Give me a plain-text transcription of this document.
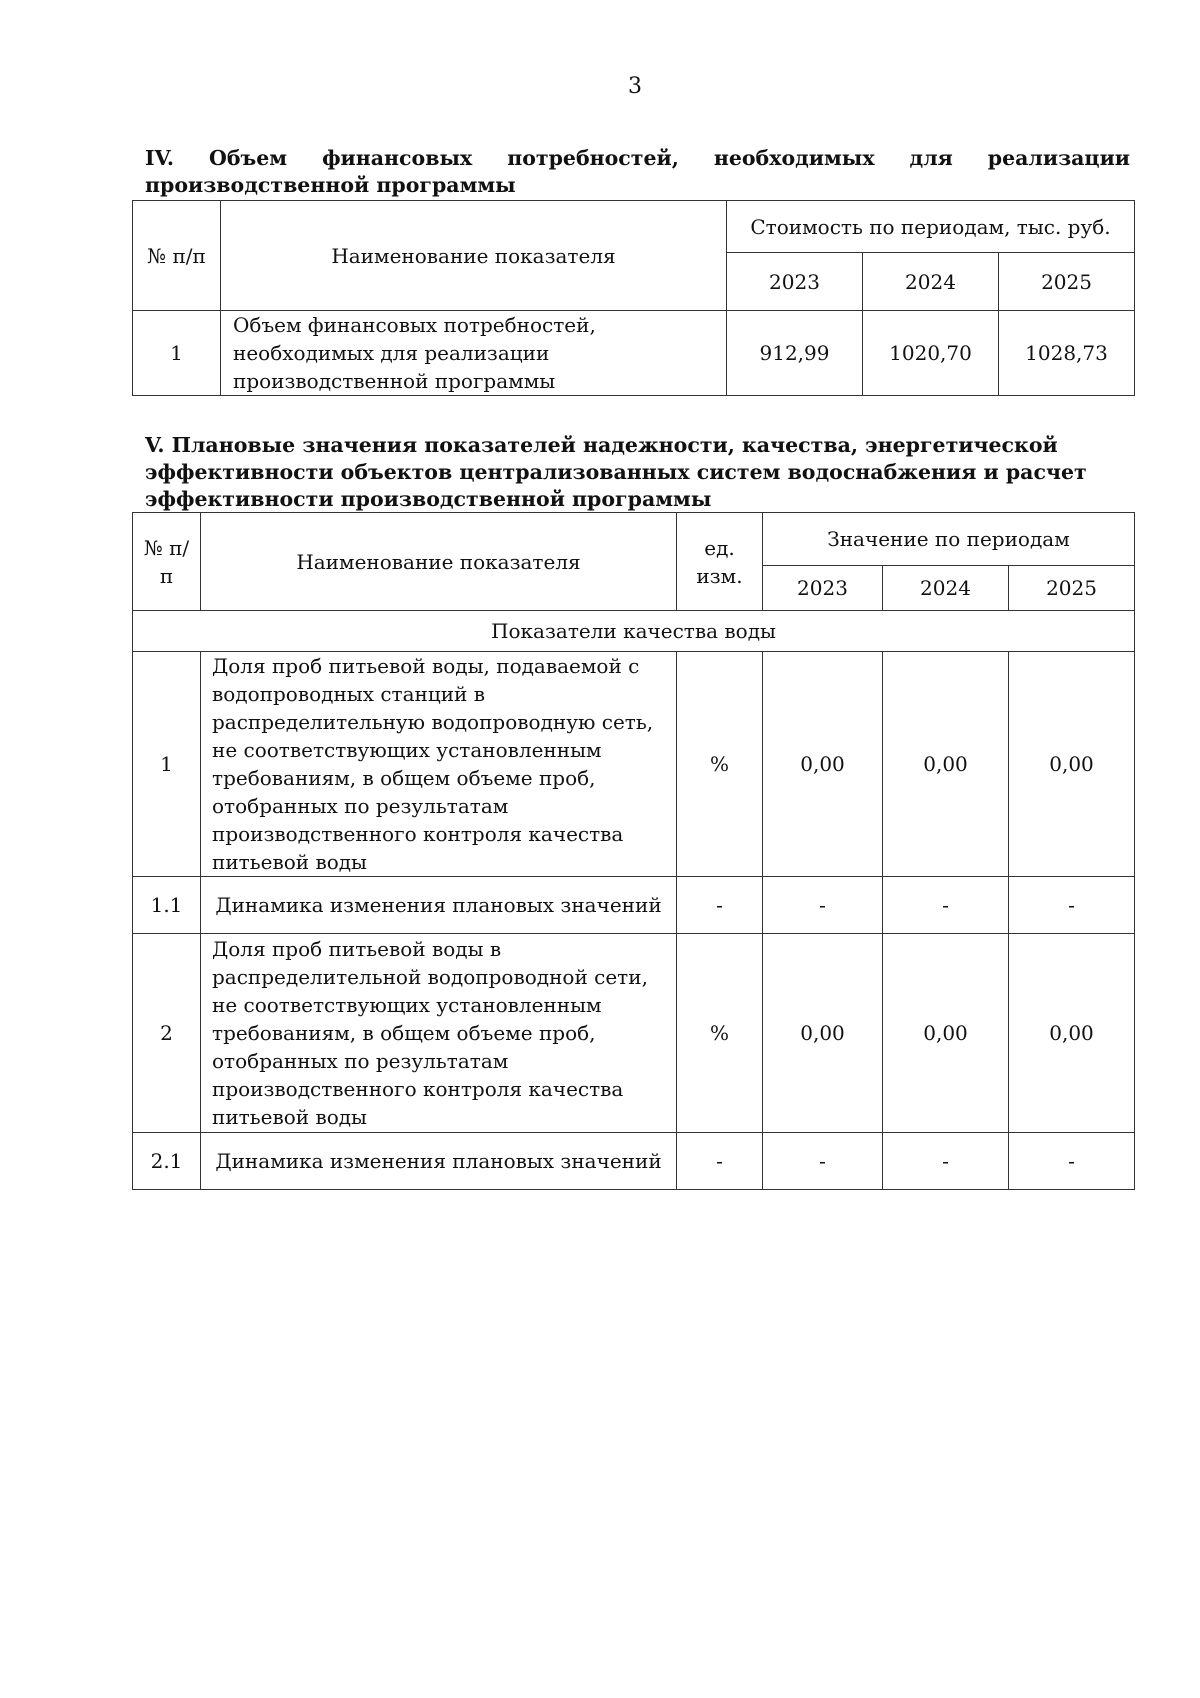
3

IV. Объем финансовых потребностей, необходимых для реализации производственной программы

№ п/п	Наименование показателя	Стоимость по периодам, тыс. руб.		
		2023	2024	2025
1	Объем финансовых потребностей, необходимых для реализации производственной программы	912,99	1020,70	1028,73

V. Плановые значения показателей надежности, качества, энергетической эффективности объектов централизованных систем водоснабжения и расчет эффективности производственной программы

№ п/п	Наименование показателя	ед. изм.	Значение по периодам		
			2023	2024	2025
Показатели качества воды					
1	Доля проб питьевой воды, подаваемой с водопроводных станций в распределительную водопроводную сеть, не соответствующих установленным требованиям, в общем объеме проб, отобранных по результатам производственного контроля качества питьевой воды	%	0,00	0,00	0,00
1.1	Динамика изменения плановых значений	-	-	-	-
2	Доля проб питьевой воды в распределительной водопроводной сети, не соответствующих установленным требованиям, в общем объеме проб, отобранных по результатам производственного контроля качества питьевой воды	%	0,00	0,00	0,00
2.1	Динамика изменения плановых значений	-	-	-	-
